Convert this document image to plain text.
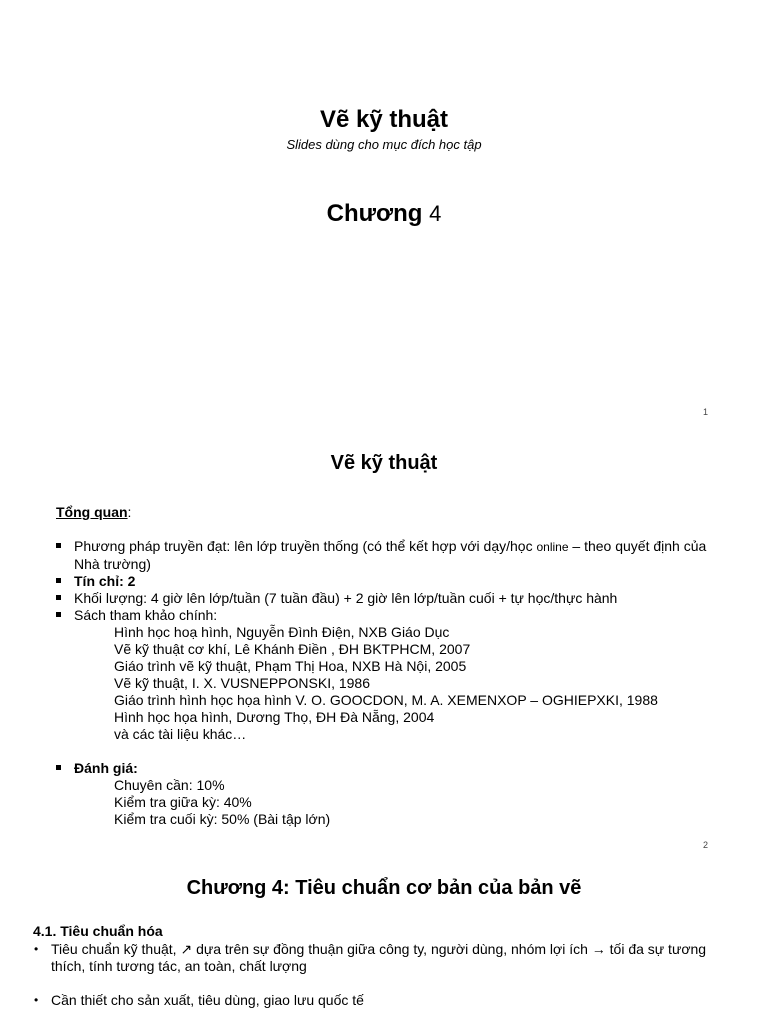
Vẽ kỹ thuật
Slides dùng cho mục đích học tập
Chương 4
1
Vẽ kỹ thuật
Tổng quan:
Phương pháp truyền đạt: lên lớp truyền thống (có thể kết hợp với dạy/học online – theo quyết định của Nhà trường)
Tín chỉ: 2
Khối lượng: 4 giờ lên lớp/tuần (7 tuần đầu) + 2 giờ lên lớp/tuần cuối + tự học/thực hành
Sách tham khảo chính:
Hình học hoạ hình, Nguyễn Đình Điện, NXB Giáo Dục
Vẽ kỹ thuật cơ khí, Lê Khánh Điền , ĐH BKTPHCM, 2007
Giáo trình vẽ kỹ thuật, Phạm Thị Hoa, NXB Hà Nội, 2005
Vẽ kỹ thuật, I. X. VUSNEPPONSKI, 1986
Giáo trình hình học họa hình V. O. GOOCDON, M. A. XEMENXOP – OGHIEPXKI, 1988
Hình học họa hình, Dương Thọ, ĐH Đà Nẵng, 2004
và các tài liệu khác…
Đánh giá:
Chuyên cần: 10%
Kiểm tra giữa kỳ: 40%
Kiểm tra cuối kỳ: 50% (Bài tập lớn)
2
Chương 4: Tiêu chuẩn cơ bản của bản vẽ
4.1. Tiêu chuẩn hóa
• Tiêu chuẩn kỹ thuật, ↗ dựa trên sự đồng thuận giữa công ty, người dùng, nhóm lợi ích → tối đa sự tương thích, tính tương tác, an toàn, chất lượng
• Cần thiết cho sản xuất, tiêu dùng, giao lưu quốc tế
